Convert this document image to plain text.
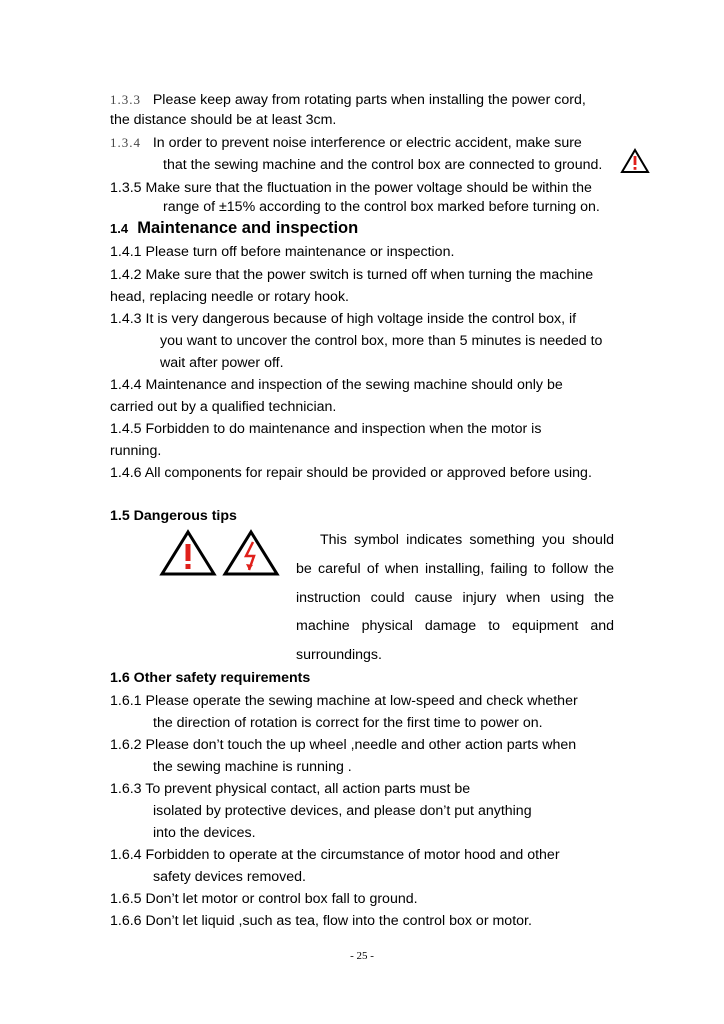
1.3.3 Please keep away from rotating parts when installing the power cord,
the distance should be at least 3cm.
1.3.4 In order to prevent noise interference or electric accident, make sure
that the sewing machine and the control box are connected to ground.
1.3.5 Make sure that the fluctuation in the power voltage should be within the
range of ±15% according to the control box marked before turning on.
1.4 Maintenance and inspection
1.4.1 Please turn off before maintenance or inspection.
1.4.2 Make sure that the power switch is turned off when turning the machine
head, replacing needle or rotary hook.
1.4.3 It is very dangerous because of high voltage inside the control box, if
you want to uncover the control box, more than 5 minutes is needed to
wait after power off.
1.4.4 Maintenance and inspection of the sewing machine should only be
carried out by a qualified technician.
1.4.5 Forbidden to do maintenance and inspection when the motor is
running.
1.4.6 All components for repair should be provided or approved before using.
1.5 Dangerous tips
This symbol indicates something you should
be careful of when installing, failing to follow the
instruction could cause injury when using the
machine physical damage to equipment and
surroundings.
1.6 Other safety requirements
1.6.1 Please operate the sewing machine at low-speed and check whether
the direction of rotation is correct for the first time to power on.
1.6.2 Please don’t touch the up wheel ,needle and other action parts when
the sewing machine is running .
1.6.3 To prevent physical contact, all action parts must be
isolated by protective devices, and please don’t put anything
into the devices.
1.6.4 Forbidden to operate at the circumstance of motor hood and other
safety devices removed.
1.6.5 Don’t let motor or control box fall to ground.
1.6.6 Don’t let liquid ,such as tea, flow into the control box or motor.
- 25 -
